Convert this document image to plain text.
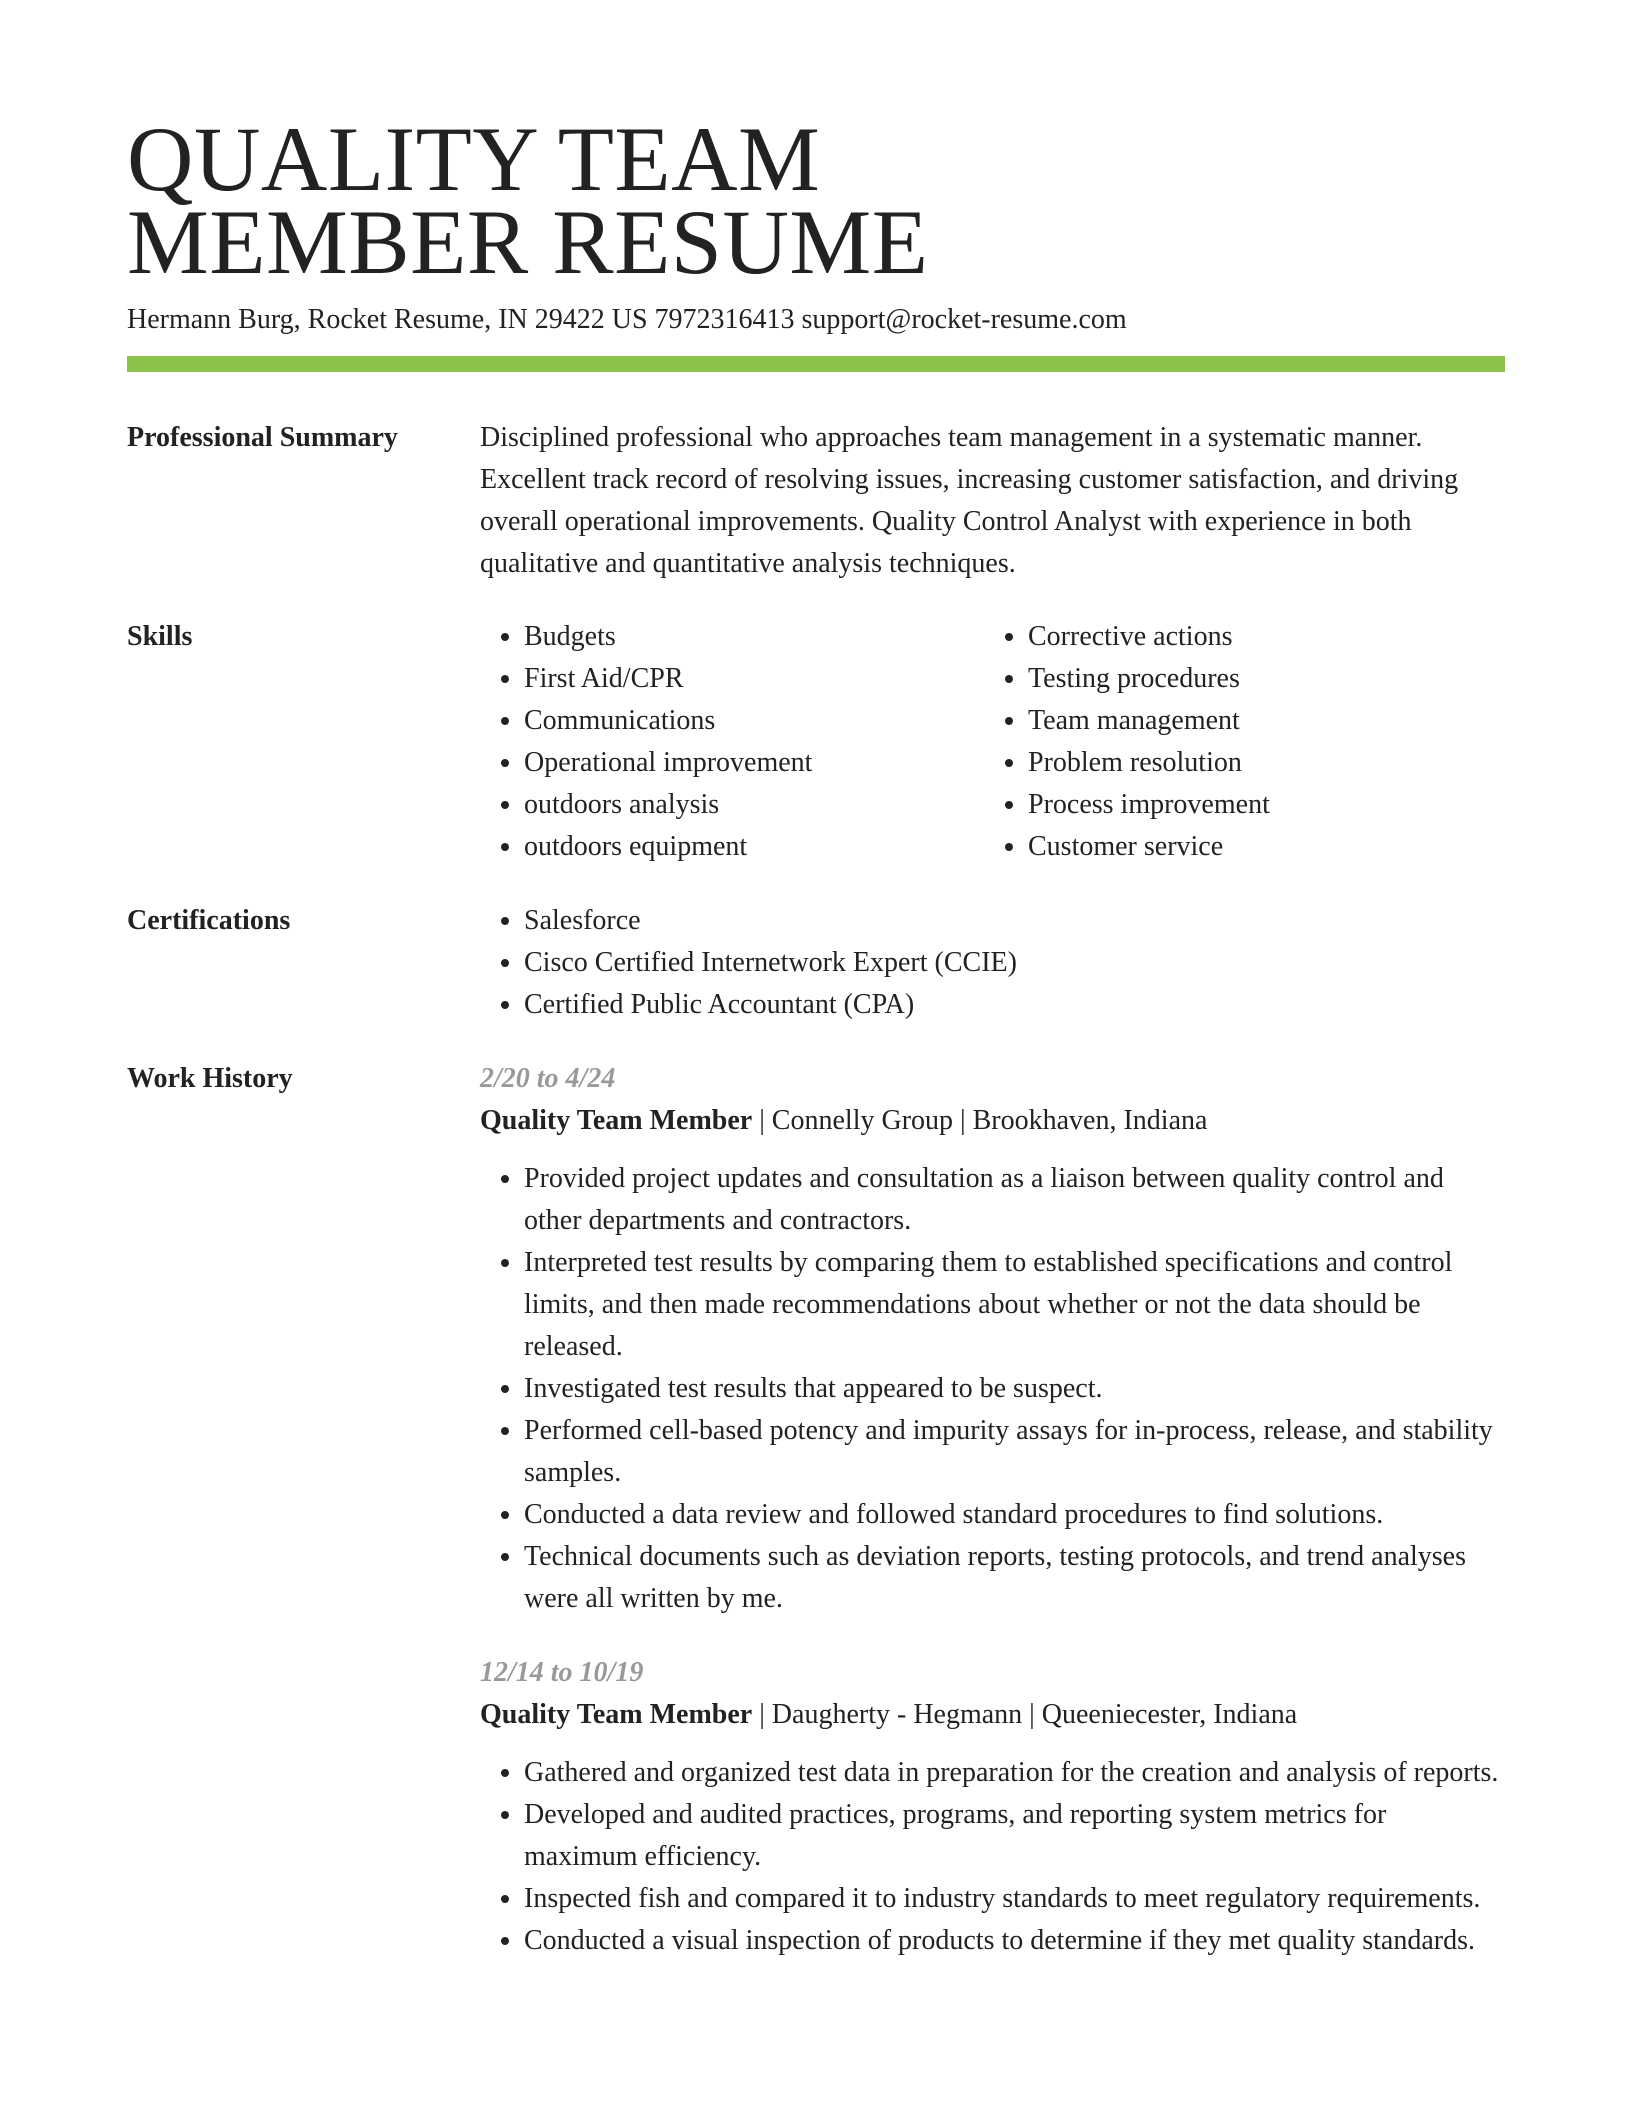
QUALITY TEAM
MEMBER RESUME
Hermann Burg, Rocket Resume, IN 29422 US 7972316413 support@rocket-resume.com
Professional Summary	Disciplined professional who approaches team management in a systematic manner. Excellent track record of resolving issues, increasing customer satisfaction, and driving overall operational improvements. Quality Control Analyst with experience in both qualitative and quantitative analysis techniques.

Skills	• Budgets
• First Aid/CPR
• Communications
• Operational improvement
• outdoors analysis
• outdoors equipment
• Corrective actions
• Testing procedures
• Team management
• Problem resolution
• Process improvement
• Customer service
Certifications	• Salesforce
• Cisco Certified Internetwork Expert (CCIE)
• Certified Public Accountant (CPA)
Work History	2/20 to 4/24
Quality Team Member | Connelly Group | Brookhaven, Indiana
• Provided project updates and consultation as a liaison between quality control and other departments and contractors.
• Interpreted test results by comparing them to established specifications and control limits, and then made recommendations about whether or not the data should be released.
• Investigated test results that appeared to be suspect.
• Performed cell-based potency and impurity assays for in-process, release, and stability samples.
• Conducted a data review and followed standard procedures to find solutions.
• Technical documents such as deviation reports, testing protocols, and trend analyses were all written by me.
12/14 to 10/19
Quality Team Member | Daugherty - Hegmann | Queeniecester, Indiana
• Gathered and organized test data in preparation for the creation and analysis of reports.
• Developed and audited practices, programs, and reporting system metrics for maximum efficiency.
• Inspected fish and compared it to industry standards to meet regulatory requirements.
• Conducted a visual inspection of products to determine if they met quality standards.
